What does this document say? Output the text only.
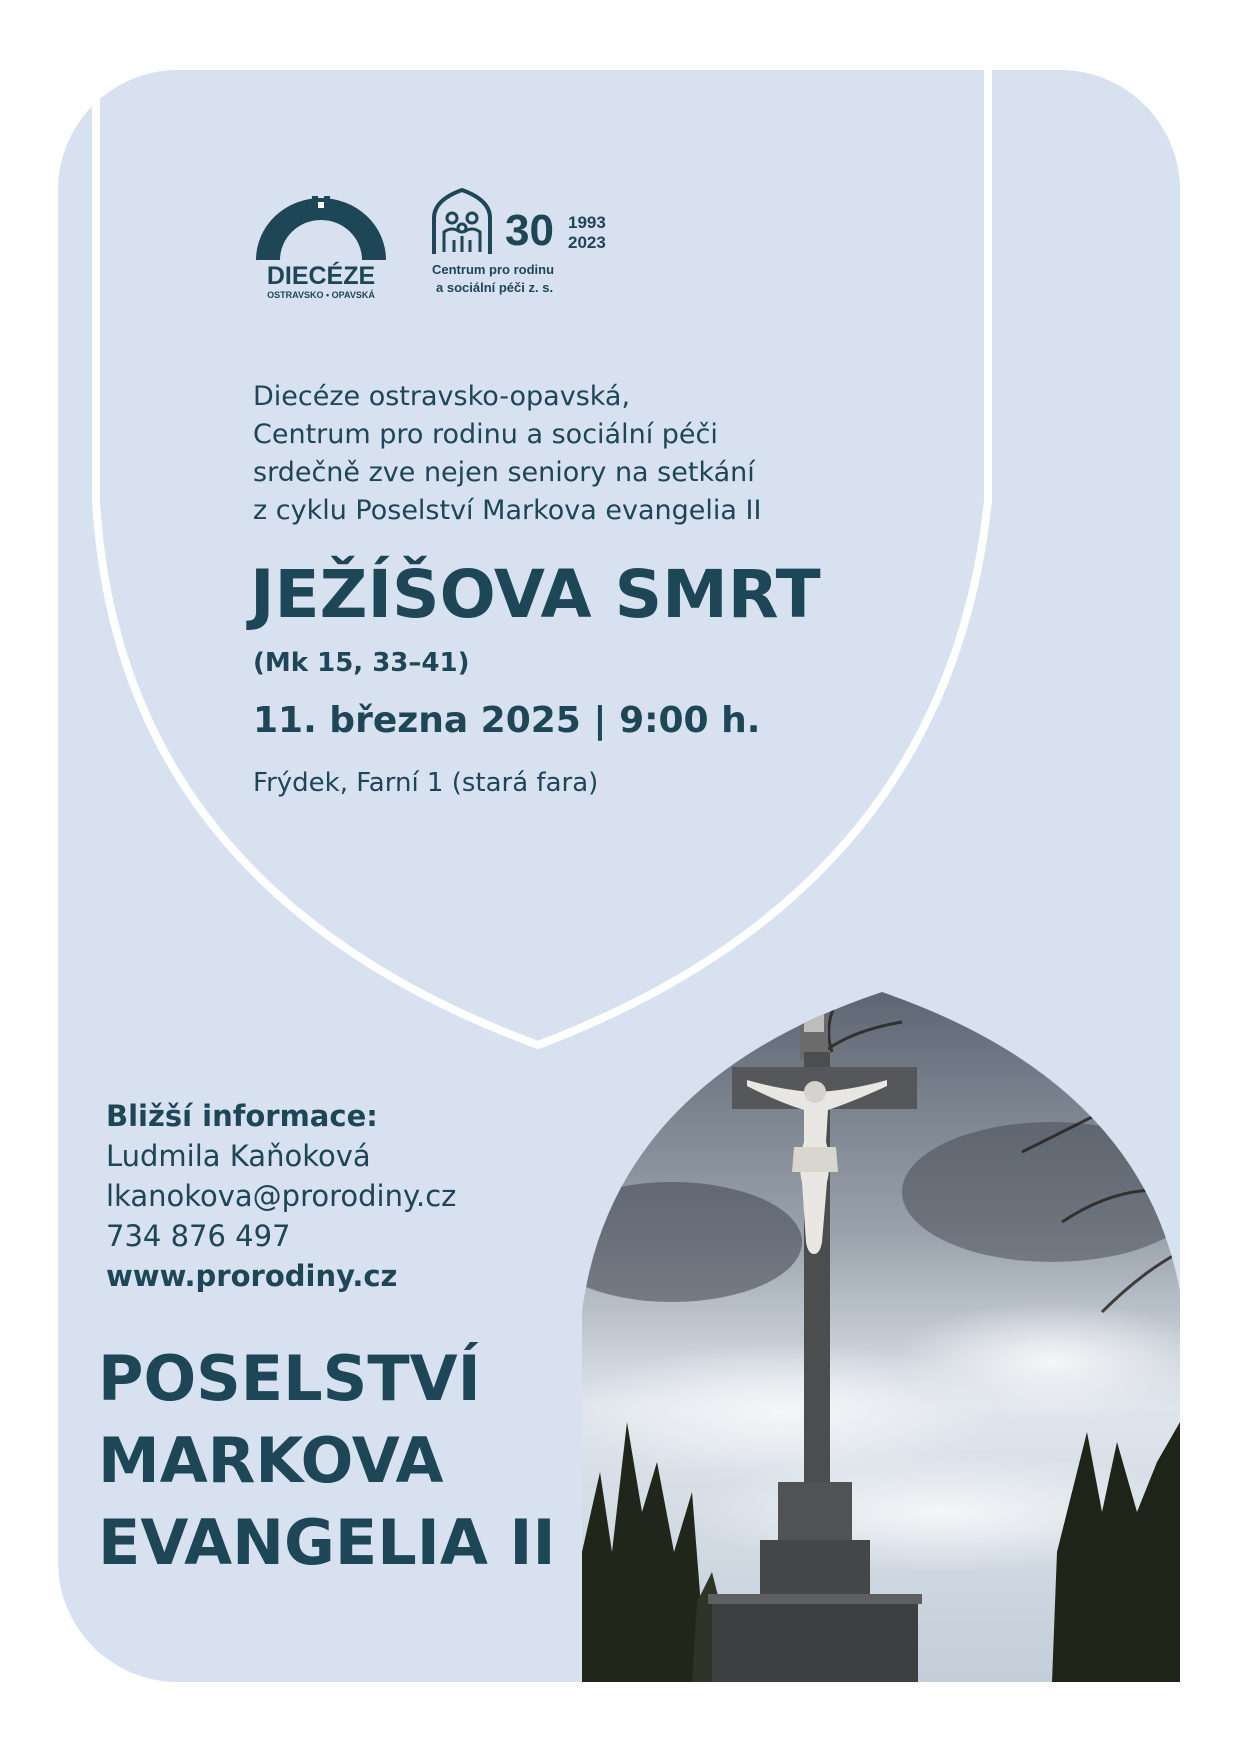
DIECÉZE
OSTRAVSKO • OPAVSKÁ
30 1993
2023
Centrum pro rodinu
a sociální péči z. s.
Diecéze ostravsko-opavská,
Centrum pro rodinu a sociální péči
srdečně zve nejen seniory na setkání
z cyklu Poselství Markova evangelia II
JEŽÍŠOVA SMRT
(Mk 15, 33–41)
11. března 2025 | 9:00 h.
Frýdek, Farní 1 (stará fara)
Bližší informace:
Ludmila Kaňoková
lkanokova@prorodiny.cz
734 876 497
www.prorodiny.cz
POSELSTVÍ
MARKOVA
EVANGELIA II
